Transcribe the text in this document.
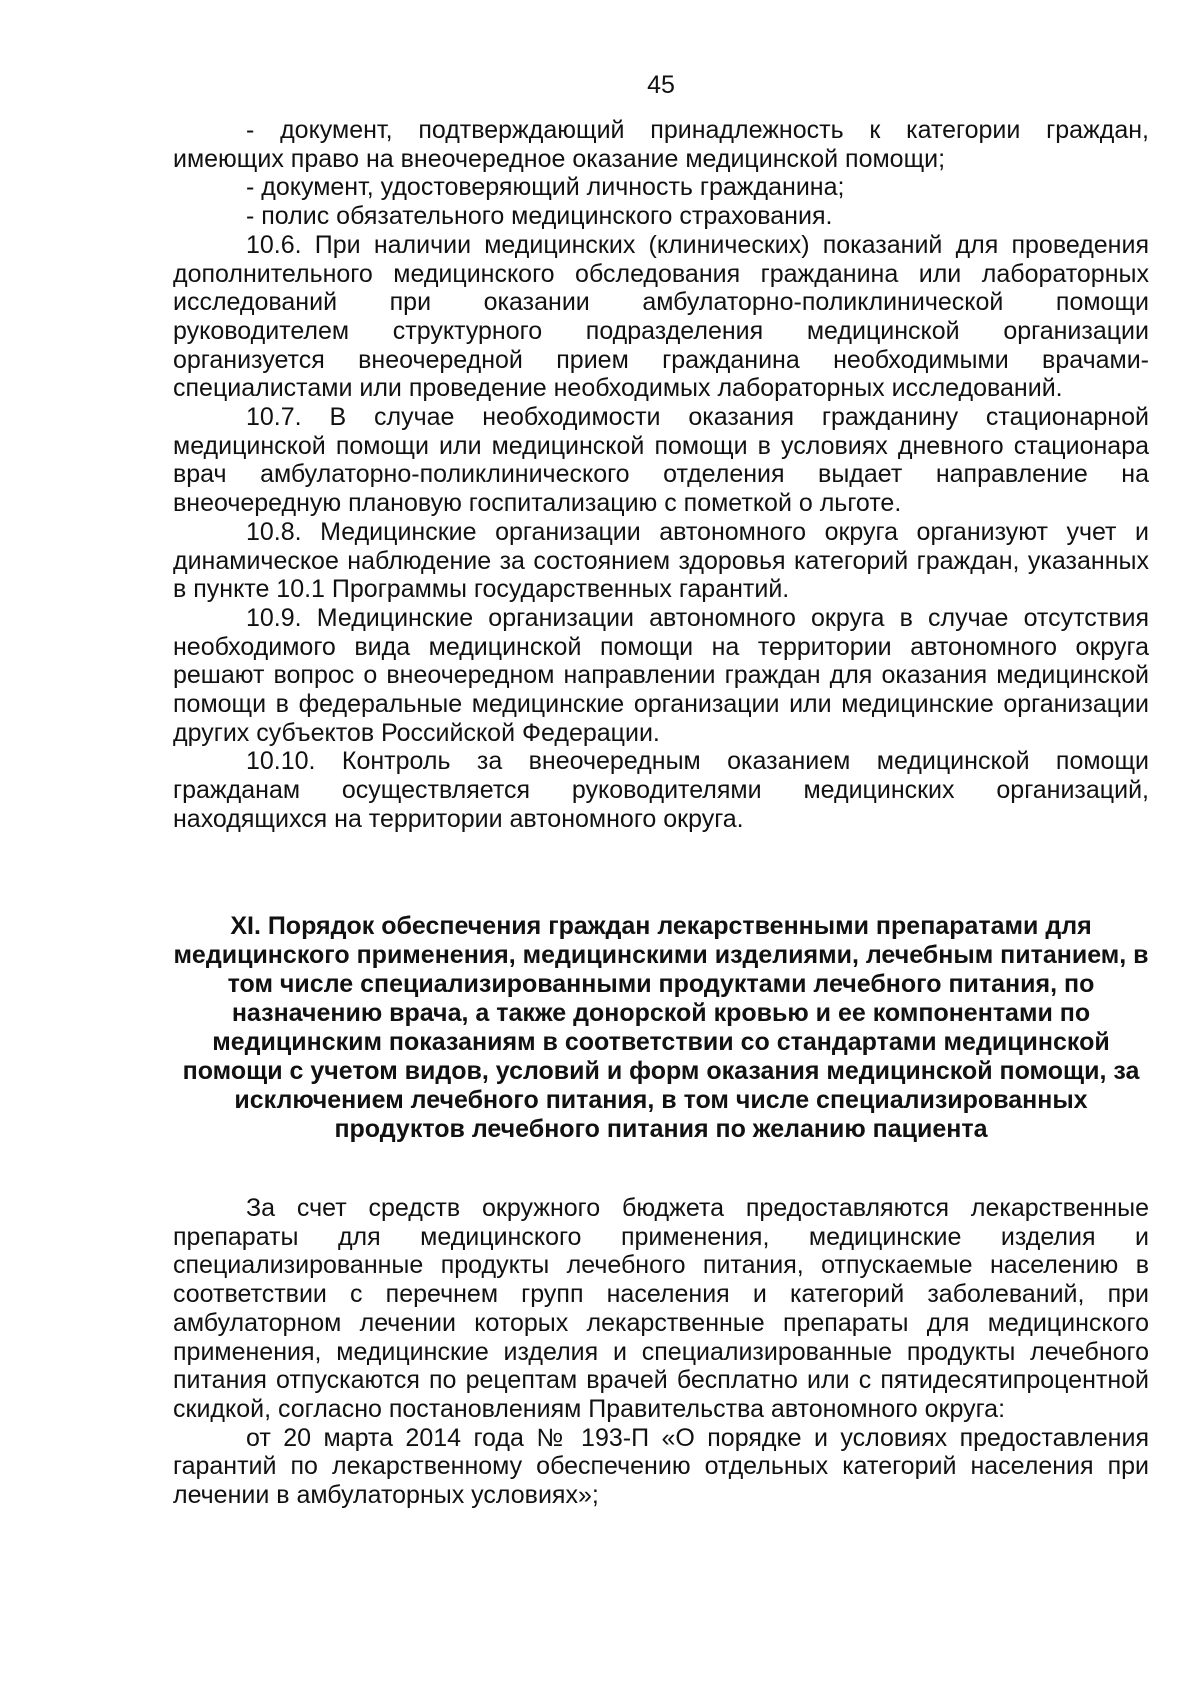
45

- документ, подтверждающий принадлежность к категории граждан, имеющих право на внеочередное оказание медицинской помощи;

- документ, удостоверяющий личность гражданина;

- полис обязательного медицинского страхования.

10.6. При наличии медицинских (клинических) показаний для проведения дополнительного медицинского обследования гражданина или лабораторных исследований при оказании амбулаторно-поликлинической помощи руководителем структурного подразделения медицинской организации организуется внеочередной прием гражданина необходимыми врачами-специалистами или проведение необходимых лабораторных исследований.

10.7. В случае необходимости оказания гражданину стационарной медицинской помощи или медицинской помощи в условиях дневного стационара врач амбулаторно-поликлинического отделения выдает направление на внеочередную плановую госпитализацию с пометкой о льготе.

10.8. Медицинские организации автономного округа организуют учет и динамическое наблюдение за состоянием здоровья категорий граждан, указанных в пункте 10.1 Программы государственных гарантий.

10.9. Медицинские организации автономного округа в случае отсутствия необходимого вида медицинской помощи на территории автономного округа решают вопрос о внеочередном направлении граждан для оказания медицинской помощи в федеральные медицинские организации или медицинские организации других субъектов Российской Федерации.

10.10. Контроль за внеочередным оказанием медицинской помощи гражданам осуществляется руководителями медицинских организаций, находящихся на территории автономного округа.

XI. Порядок обеспечения граждан лекарственными препаратами для медицинского применения, медицинскими изделиями, лечебным питанием, в том числе специализированными продуктами лечебного питания, по назначению врача, а также донорской кровью и ее компонентами по медицинским показаниям в соответствии со стандартами медицинской помощи с учетом видов, условий и форм оказания медицинской помощи, за исключением лечебного питания, в том числе специализированных продуктов лечебного питания по желанию пациента

За счет средств окружного бюджета предоставляются лекарственные препараты для медицинского применения, медицинские изделия и специализированные продукты лечебного питания, отпускаемые населению в соответствии с перечнем групп населения и категорий заболеваний, при амбулаторном лечении которых лекарственные препараты для медицинского применения, медицинские изделия и специализированные продукты лечебного питания отпускаются по рецептам врачей бесплатно или с пятидесятипроцентной скидкой, согласно постановлениям Правительства автономного округа:

от 20 марта 2014 года № 193-П «О порядке и условиях предоставления гарантий по лекарственному обеспечению отдельных категорий населения при лечении в амбулаторных условиях»;
